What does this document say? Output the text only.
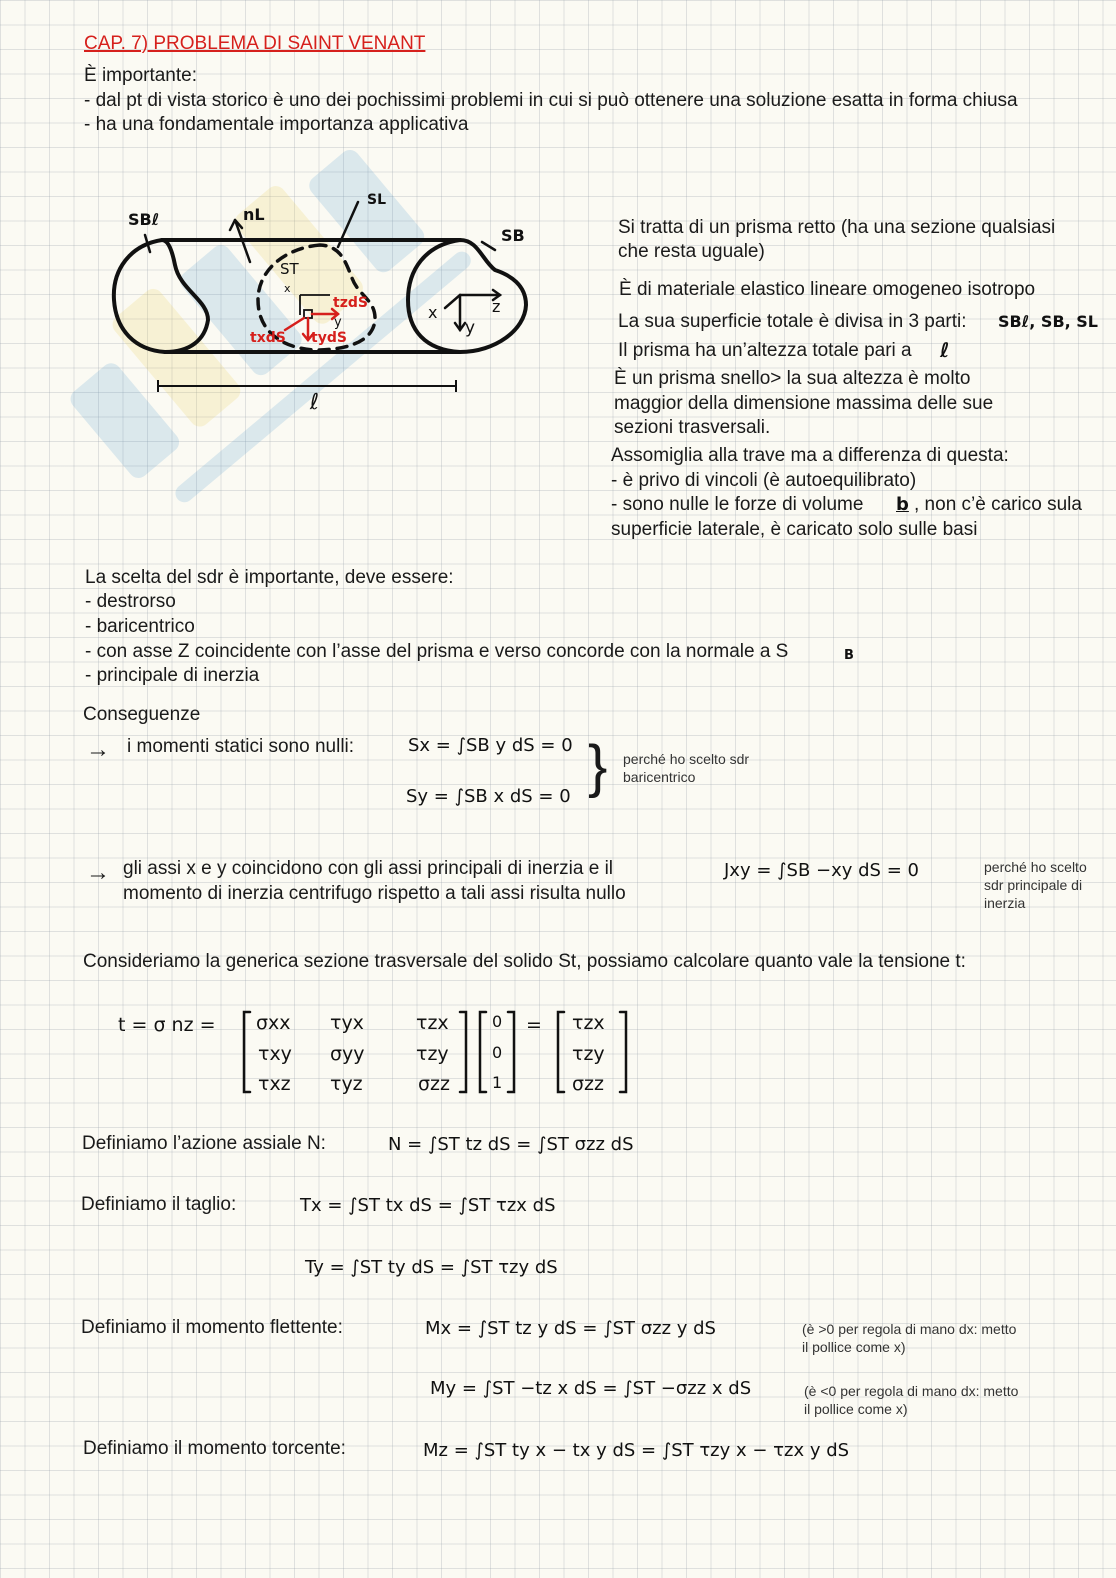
CAP. 7) PROBLEMA DI SAINT VENANT
È importante:
- dal pt di vista storico è uno dei pochissimi problemi in cui si può ottenere una soluzione esatta in forma chiusa
- ha una fondamentale importanza applicativa
SBℓ	nL
SL
SB
ST
x
y
x
y
z
tzdS
txdS tydS
ℓ
Si tratta di un prisma retto (ha una sezione qualsiasi
che resta uguale)
È di materiale elastico lineare omogeneo isotropo
La sua superficie totale è divisa in 3 parti: SBℓ, SB, SL
Il prisma ha un’altezza totale pari a ℓ
È un prisma snello> la sua altezza è molto
maggior della dimensione massima delle sue
sezioni trasversali.
Assomiglia alla trave ma a differenza di questa:
- è privo di vincoli (è autoequilibrato)
- sono nulle le forze di volume b , non c’è carico sula
superficie laterale, è caricato solo sulle basi
La scelta del sdr è importante, deve essere:
- destrorso
- baricentrico
- con asse Z coincidente con l’asse del prisma e verso concorde con la normale a S	B
- principale di inerzia
Conseguenze
→ i momenti statici sono nulli:	Sx = ∫SB y dS = 0
Sy = ∫SB x dS = 0 } perché ho scelto sdr
baricentrico
→ gli assi x e y coincidono con gli assi principali di inerzia e il
momento di inerzia centrifugo rispetto a tali assi risulta nullo
Jxy = ∫SB −xy dS = 0	perché ho scelto
sdr principale di
inerzia
Consideriamo la generica sezione trasversale del solido St, possiamo calcolare quanto vale la tensione t:
t = σ nz = σxx τyx	τzx
τxy σyy	τzy
τxz τyz	σzz
0
0
1
= τzx
τzy
σzz
Definiamo l’azione assiale N:	N = ∫ST tz dS = ∫ST σzz dS
Definiamo il taglio:	Tx = ∫ST tx dS = ∫ST τzx dS
Ty = ∫ST ty dS = ∫ST τzy dS
Definiamo il momento flettente:	Mx = ∫ST tz y dS = ∫ST σzz y dS	(è >0 per regola di mano dx: metto
il pollice come x)
My = ∫ST −tz x dS = ∫ST −σzz x dS	(è <0 per regola di mano dx: metto
il pollice come x)
Definiamo il momento torcente:	Mz = ∫ST ty x − tx y dS = ∫ST τzy x − τzx y dS
